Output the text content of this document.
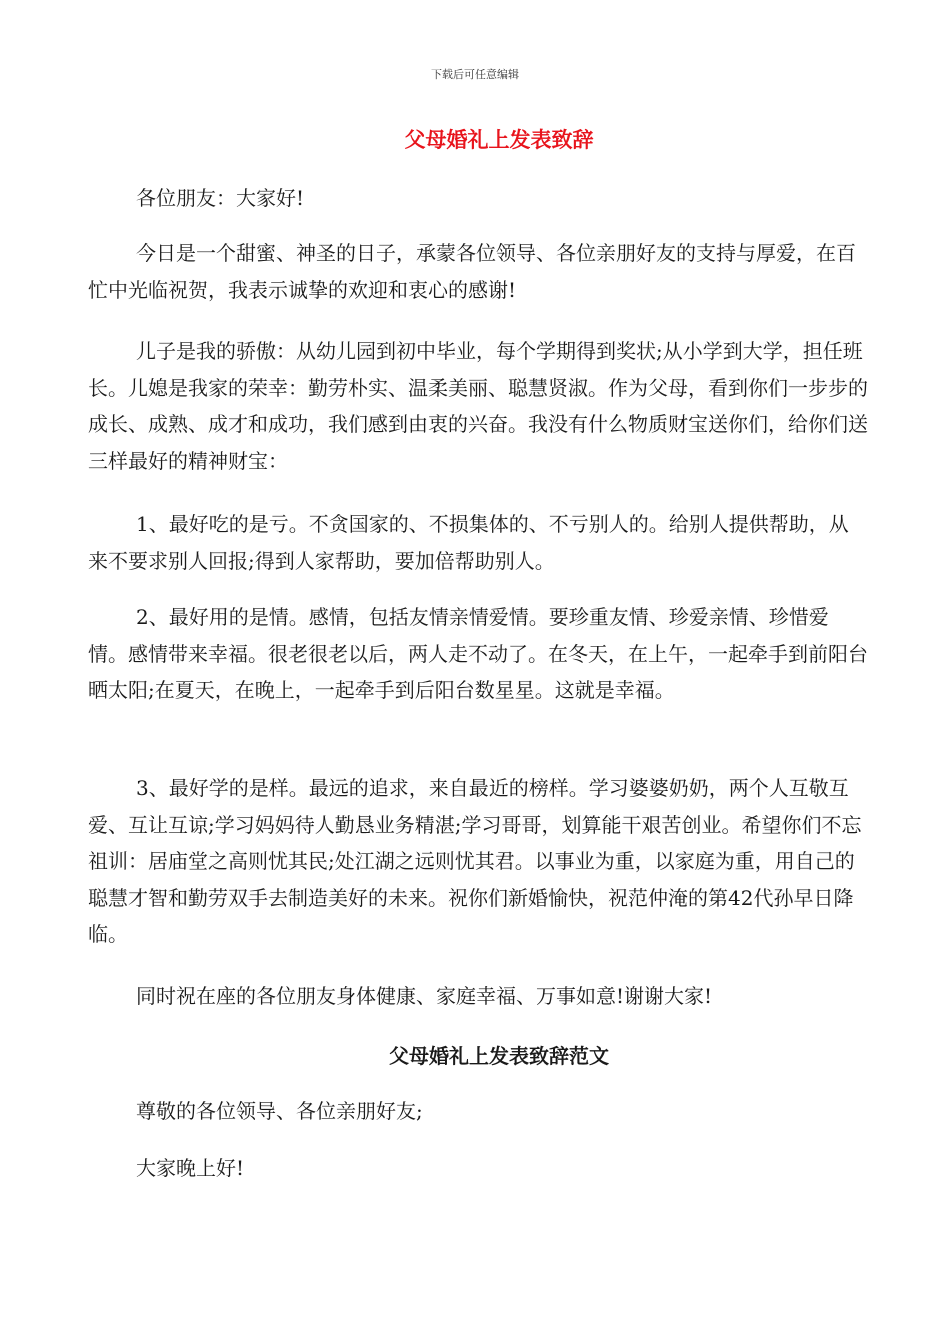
下载后可任意编辑
父母婚礼上发表致辞

各位朋友：大家好!

今日是一个甜蜜、神圣的日子，承蒙各位领导、各位亲朋好友的支持与厚爱，在百忙中光临祝贺，我表示诚挚的欢迎和衷心的感谢!

儿子是我的骄傲：从幼儿园到初中毕业，每个学期得到奖状;从小学到大学，担任班长。儿媳是我家的荣幸：勤劳朴实、温柔美丽、聪慧贤淑。作为父母，看到你们一步步的成长、成熟、成才和成功，我们感到由衷的兴奋。我没有什么物质财宝送你们，给你们送三样最好的精神财宝：

1、最好吃的是亏。不贪国家的、不损集体的、不亏别人的。给别人提供帮助，从来不要求别人回报;得到人家帮助，要加倍帮助别人。

2、最好用的是情。感情，包括友情亲情爱情。要珍重友情、珍爱亲情、珍惜爱情。感情带来幸福。很老很老以后，两人走不动了。在冬天，在上午，一起牵手到前阳台晒太阳;在夏天，在晚上，一起牵手到后阳台数星星。这就是幸福。

3、最好学的是样。最远的追求，来自最近的榜样。学习婆婆奶奶，两个人互敬互爱、互让互谅;学习妈妈待人勤恳业务精湛;学习哥哥，划算能干艰苦创业。希望你们不忘祖训：居庙堂之高则忧其民;处江湖之远则忧其君。以事业为重，以家庭为重，用自己的聪慧才智和勤劳双手去制造美好的未来。祝你们新婚愉快，祝范仲淹的第42代孙早日降临。

同时祝在座的各位朋友身体健康、家庭幸福、万事如意!谢谢大家!

父母婚礼上发表致辞范文

尊敬的各位领导、各位亲朋好友;

大家晚上好!
